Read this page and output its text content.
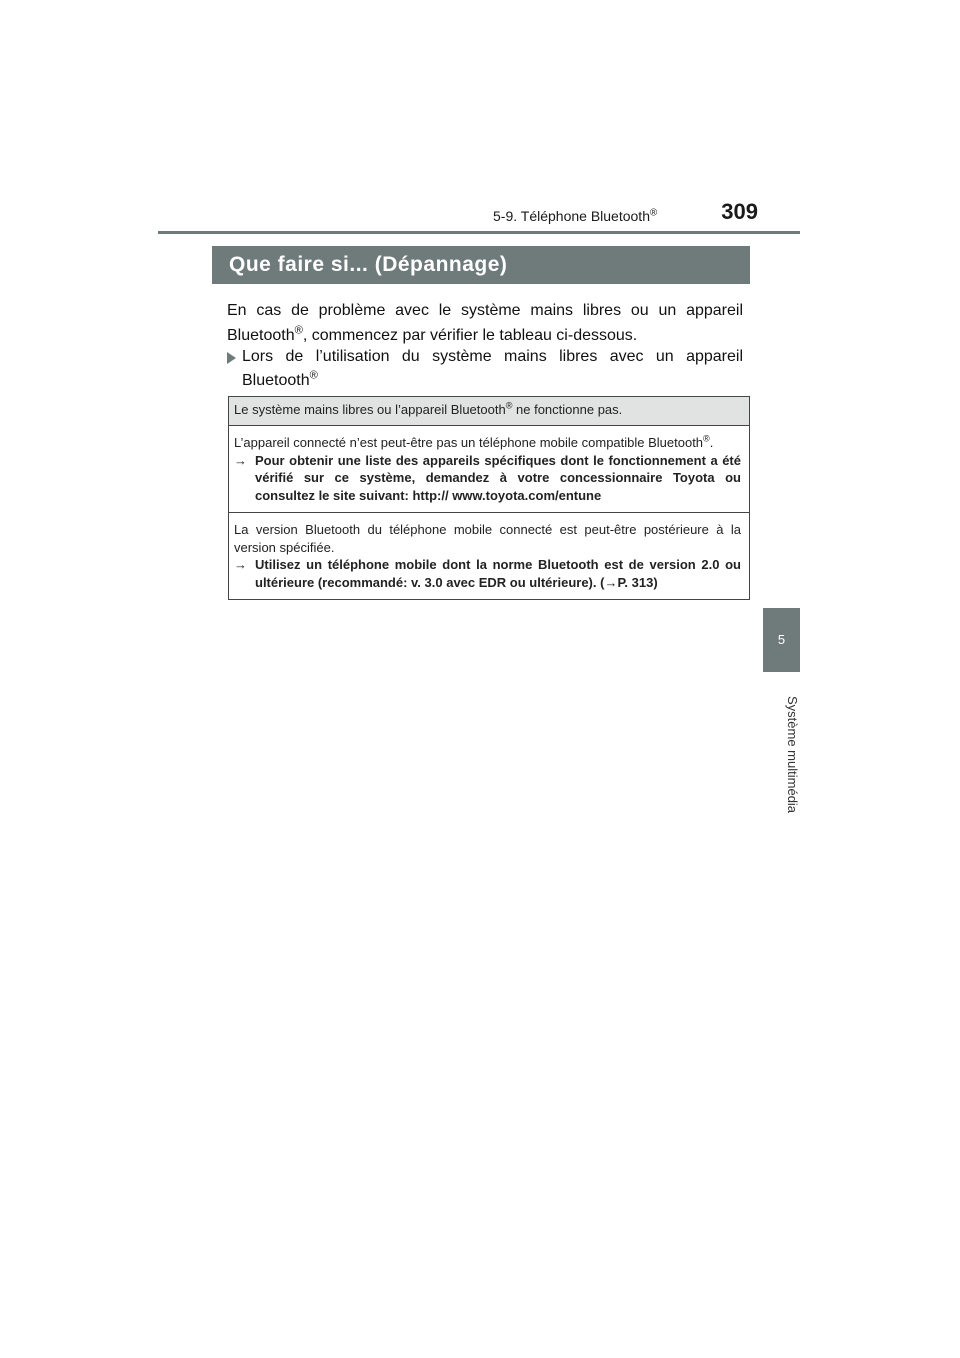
5-9. Téléphone Bluetooth®	309
5
Système multimédia
Que faire si... (Dépannage)

En cas de problème avec le système mains libres ou un appareil Bluetooth®, commencez par vérifier le tableau ci-dessous.

Lors de l’utilisation du système mains libres avec un appareil Bluetooth®
Le système mains libres ou l’appareil Bluetooth® ne fonctionne pas.
L’appareil connecté n’est peut-être pas un téléphone mobile compatible Bluetooth®.
→ Pour obtenir une liste des appareils spécifiques dont le fonctionnement a été vérifié sur ce système, demandez à votre concessionnaire Toyota ou consultez le site suivant: http:// www.toyota.com/entune
La version Bluetooth du téléphone mobile connecté est peut-être postérieure à la version spécifiée.
→ Utilisez un téléphone mobile dont la norme Bluetooth est de version 2.0 ou ultérieure (recommandé: v. 3.0 avec EDR ou ultérieure). (→P. 313)
